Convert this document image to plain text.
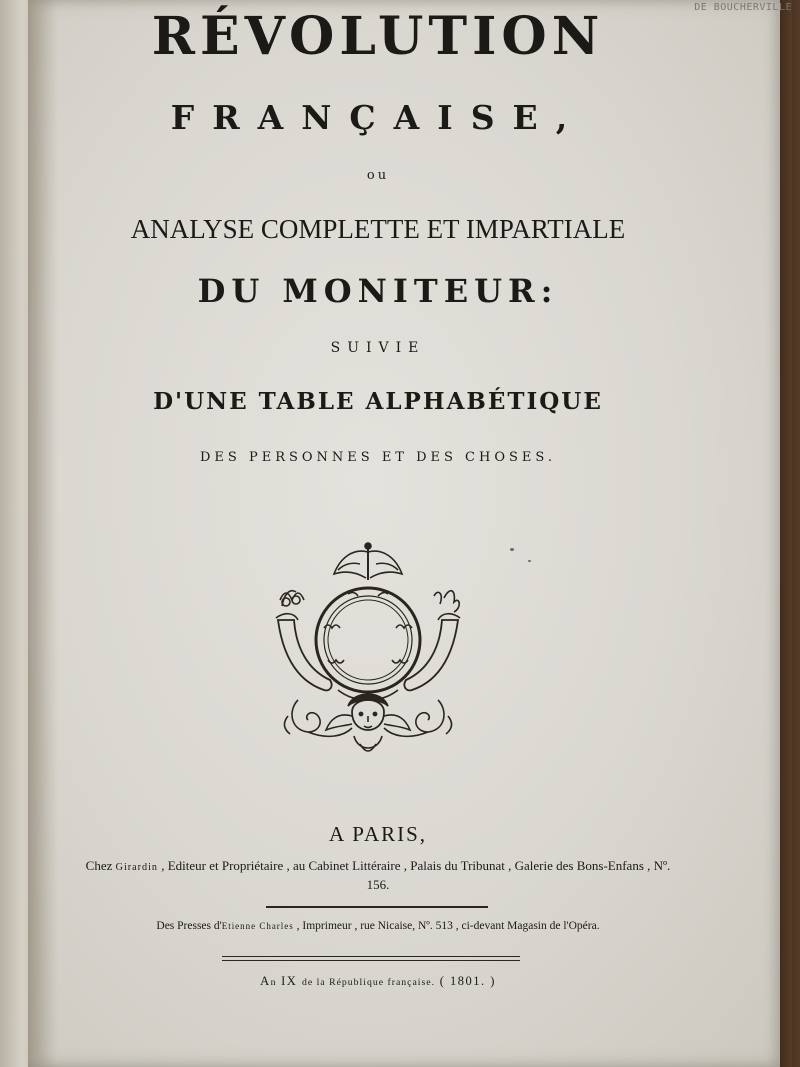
DE BOUCHERVILLE
RÉVOLUTION
FRANÇAISE,
ou
ANALYSE COMPLETTE ET IMPARTIALE
DU MONITEUR:
SUIVIE
D'UNE TABLE ALPHABÉTIQUE
DES PERSONNES ET DES CHOSES.
A PARIS,
Chez Girardin , Editeur et Propriétaire , au Cabinet Littéraire , Palais du Tribunat , Galerie des Bons-Enfans , Nº. 156.
Des Presses d'Etienne Charles , Imprimeur , rue Nicaise, Nº. 513 , ci-devant Magasin de l'Opéra.
An IX de la République française. ( 1801. )
